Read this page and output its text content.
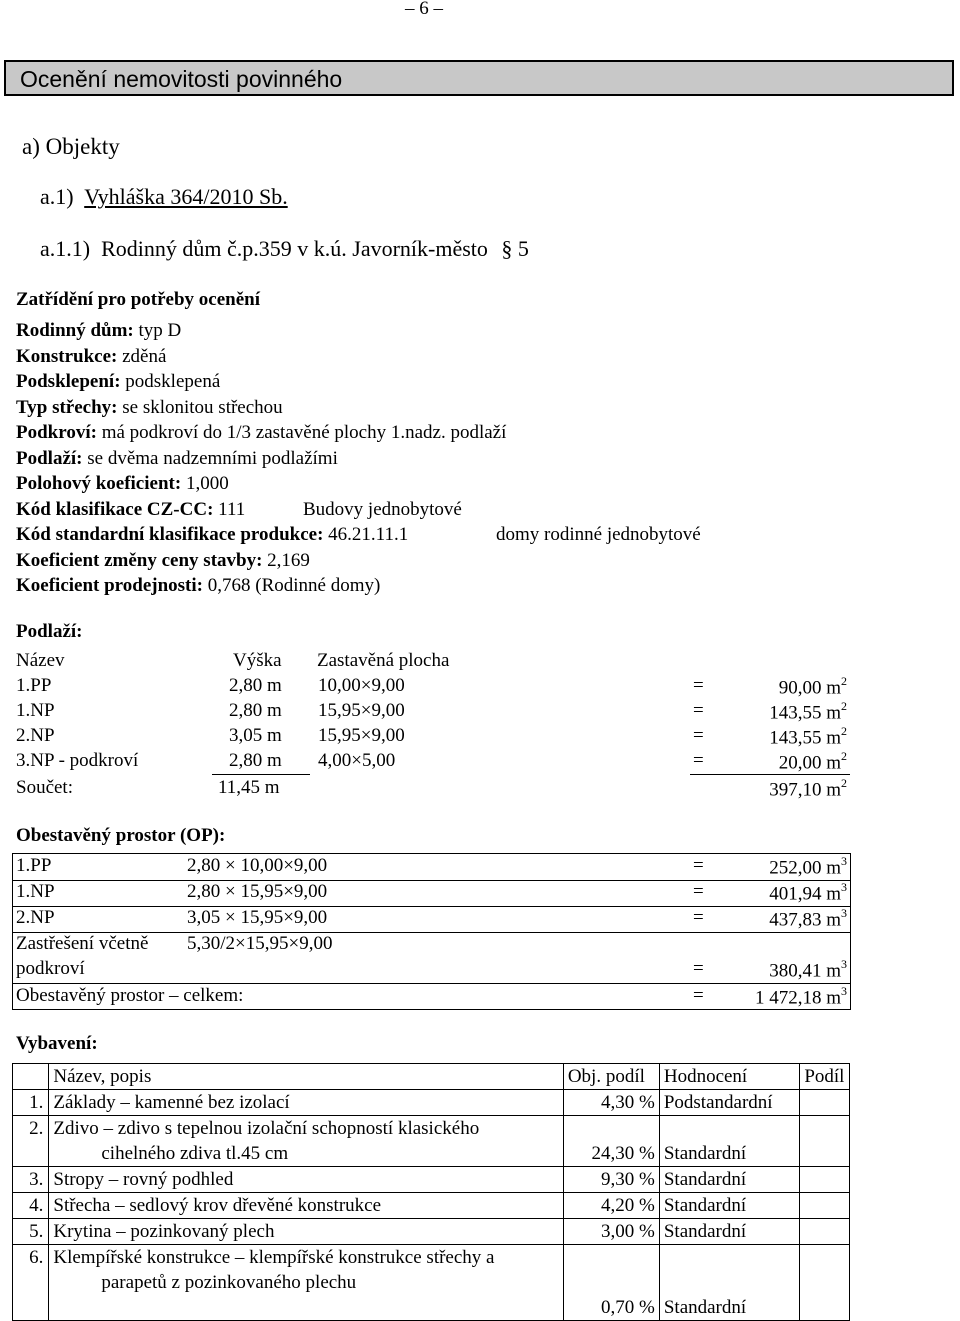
– 6 –
Ocenění nemovitosti povinného
a) Objekty
a.1) Vyhláška 364/2010 Sb.
a.1.1) Rodinný dům č.p.359 v k.ú. Javorník-město § 5
Zatřídění pro potřeby ocenění
Rodinný dům: typ D
Konstrukce: zděná
Podsklepení: podsklepená
Typ střechy: se sklonitou střechou
Podkroví: má podkroví do 1/3 zastavěné plochy 1.nadz. podlaží
Podlaží: se dvěma nadzemními podlažími
Polohový koeficient: 1,000
Kód klasifikace CZ-CC: 111	Budovy jednobytové
Kód standardní klasifikace produkce: 46.21.11.1	domy rodinné jednobytové
Koeficient změny ceny stavby: 2,169
Koeficient prodejnosti: 0,768 (Rodinné domy)
Podlaží:
Název	Výška Zastavěná plocha
1.PP	2,80 m 10,00×9,00	=	90,00 $m^2$
1.NP	2,80 m 15,95×9,00	=	143,55 $m^2$
2.NP	3,05 m 15,95×9,00	=	143,55 $m^2$
3.NP - podkroví	2,80 m 4,00×5,00	=	20,00 $m^2$
Součet:	11,45 m	397,10 $m^2$
Obestavěný prostor (OP):
1.PP	2,80 × 10,00×9,00	=	252,00 $m^3$
1.NP	2,80 × 15,95×9,00	=	401,94 $m^3$
2.NP	3,05 × 15,95×9,00	=	437,83 $m^3$
Zastřešení včetně 5,30/2×15,95×9,00
podkroví	=	380,41 $m^3$
Obestavěný prostor – celkem:	=	1 472,18 $m^3$
Vybavení:
	Název, popis	Obj. podíl	Hodnocení	Podíl
1.	Základy – kamenné bez izolací	4,30 %	Podstandardní	
2.	Zdivo – zdivo s tepelnou izolační schopností klasického
cihelného zdiva tl.45 cm	24,30 %	Standardní	
3.	Stropy – rovný podhled	9,30 %	Standardní	
4.	Střecha – sedlový krov dřevěné konstrukce	4,20 %	Standardní	
5.	Krytina – pozinkovaný plech	3,00 %	Standardní	
6.	Klempířské konstrukce – klempířské konstrukce střechy a
parapetů z pozinkovaného plechu	0,70 %	Standardní	
